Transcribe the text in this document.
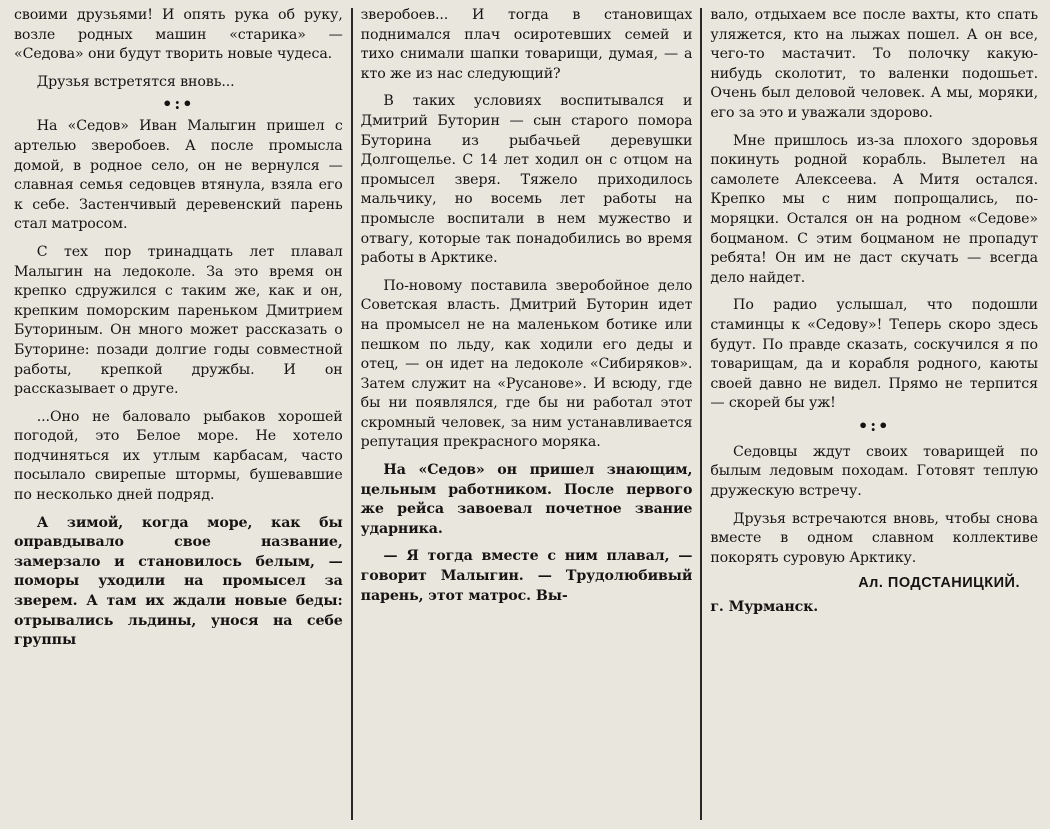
своими друзьями! И опять рука об руку, возле родных машин «старика» — «Седова» они будут творить новые чудеса.

Друзья встретятся вновь...

•:•

На «Седов» Иван Малыгин пришел с артелью зверобоев. А после промысла домой, в родное село, он не вернулся — славная семья седовцев втянула, взяла его к себе. Застенчивый деревенский парень стал матросом.

С тех пор тринадцать лет плавал Малыгин на ледоколе. За это время он крепко сдружился с таким же, как и он, крепким поморским пареньком Дмитрием Буториным. Он много может рассказать о Буторине: позади долгие годы совместной работы, крепкой дружбы. И он рассказывает о друге.

...Оно не баловало рыбаков хорошей погодой, это Белое море. Не хотело подчиняться их утлым карбасам, часто посылало свирепые штормы, бушевавшие по несколько дней подряд.

А зимой, когда море, как бы оправдывало свое название, замерзало и становилось белым, — поморы уходили на промысел за зверем. А там их ждали новые беды: отрывались льдины, унося на себе группы

зверобоев... И тогда в становищах поднимался плач осиротевших семей и тихо снимали шапки товарищи, думая, — а кто же из нас следующий?

В таких условиях воспитывался и Дмитрий Буторин — сын старого помора Буторина из рыбачьей деревушки Долгощелье. С 14 лет ходил он с отцом на промысел зверя. Тяжело приходилось мальчику, но восемь лет работы на промысле воспитали в нем мужество и отвагу, которые так понадобились во время работы в Арктике.

По-новому поставила зверобойное дело Советская власть. Дмитрий Буторин идет на промысел не на маленьком ботике или пешком по льду, как ходили его деды и отец, — он идет на ледоколе «Сибиряков». Затем служит на «Русанове». И всюду, где бы ни появлялся, где бы ни работал этот скромный человек, за ним устанавливается репутация прекрасного моряка.

На «Седов» он пришел знающим, цельным работником. После первого же рейса завоевал почетное звание ударника.

— Я тогда вместе с ним плавал, — говорит Малыгин. — Трудолюбивый парень, этот матрос. Вы-

вало, отдыхаем все после вахты, кто спать уляжется, кто на лыжах пошел. А он все, чего-то мастачит. То полочку какую-нибудь сколотит, то валенки подошьет. Очень был деловой человек. А мы, моряки, его за это и уважали здорово.

Мне пришлось из-за плохого здоровья покинуть родной корабль. Вылетел на самолете Алексеева. А Митя остался. Крепко мы с ним попрощались, по-моряцки. Остался он на родном «Седове» боцманом. С этим боцманом не пропадут ребята! Он им не даст скучать — всегда дело найдет.

По радио услышал, что подошли стаминцы к «Седову»! Теперь скоро здесь будут. По правде сказать, соскучился я по товарищам, да и корабля родного, каюты своей давно не видел. Прямо не терпится — скорей бы уж!

•:•

Седовцы ждут своих товарищей по былым ледовым походам. Готовят теплую дружескую встречу.

Друзья встречаются вновь, чтобы снова вместе в одном славном коллективе покорять суровую Арктику.

Ал. ПОДСТАНИЦКИЙ.

г. Мурманск.
